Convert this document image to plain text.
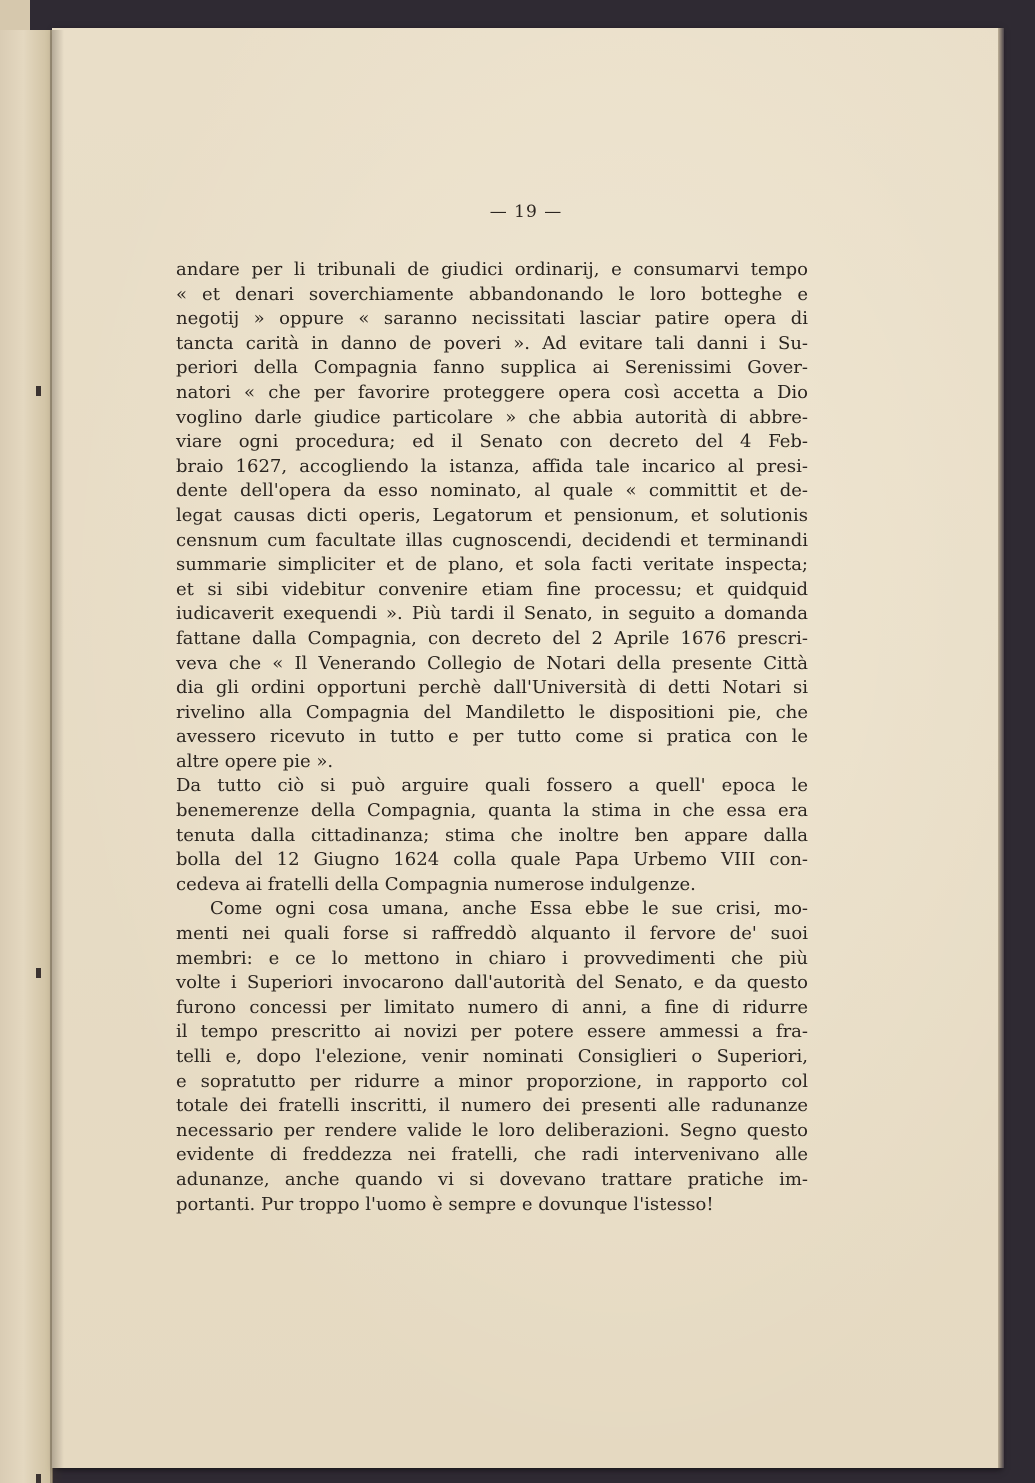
— 19 —
andare per li tribunali de giudici ordinarij, e consumarvi tempo
« et denari soverchiamente abbandonando le loro botteghe e
negotij » oppure « saranno necissitati lasciar patire opera di
tancta carità in danno de poveri ». Ad evitare tali danni i Su-
periori della Compagnia fanno supplica ai Serenissimi Gover-
natori « che per favorire proteggere opera così accetta a Dio
voglino darle giudice particolare » che abbia autorità di abbre-
viare ogni procedura; ed il Senato con decreto del 4 Feb-
braio 1627, accogliendo la istanza, affida tale incarico al presi-
dente dell'opera da esso nominato, al quale « committit et de-
legat causas dicti operis, Legatorum et pensionum, et solutionis
censnum cum facultate illas cugnoscendi, decidendi et terminandi
summarie simpliciter et de plano, et sola facti veritate inspecta;
et si sibi videbitur convenire etiam fine processu; et quidquid
iudicaverit exequendi ». Più tardi il Senato, in seguito a domanda
fattane dalla Compagnia, con decreto del 2 Aprile 1676 prescri-
veva che « Il Venerando Collegio de Notari della presente Città
dia gli ordini opportuni perchè dall'Università di detti Notari si
rivelino alla Compagnia del Mandiletto le dispositioni pie, che
avessero ricevuto in tutto e per tutto come si pratica con le
altre opere pie ».
Da tutto ciò si può arguire quali fossero a quell' epoca le
benemerenze della Compagnia, quanta la stima in che essa era
tenuta dalla cittadinanza; stima che inoltre ben appare dalla
bolla del 12 Giugno 1624 colla quale Papa Urbemo VIII con-
cedeva ai fratelli della Compagnia numerose indulgenze.
Come ogni cosa umana, anche Essa ebbe le sue crisi, mo-
menti nei quali forse si raffreddò alquanto il fervore de' suoi
membri: e ce lo mettono in chiaro i provvedimenti che più
volte i Superiori invocarono dall'autorità del Senato, e da questo
furono concessi per limitato numero di anni, a fine di ridurre
il tempo prescritto ai novizi per potere essere ammessi a fra-
telli e, dopo l'elezione, venir nominati Consiglieri o Superiori,
e sopratutto per ridurre a minor proporzione, in rapporto col
totale dei fratelli inscritti, il numero dei presenti alle radunanze
necessario per rendere valide le loro deliberazioni. Segno questo
evidente di freddezza nei fratelli, che radi intervenivano alle
adunanze, anche quando vi si dovevano trattare pratiche im-
portanti. Pur troppo l'uomo è sempre e dovunque l'istesso!
